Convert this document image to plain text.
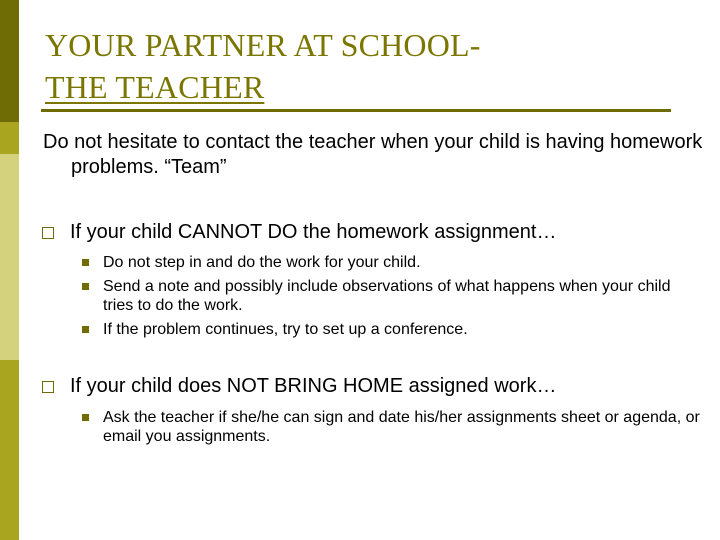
YOUR PARTNER AT SCHOOL-
THE TEACHER

Do not hesitate to contact the teacher when your child is having homework problems. “Team”

If your child CANNOT DO the homework assignment…
Do not step in and do the work for your child.
Send a note and possibly include observations of what happens when your child tries to do the work.
If the problem continues, try to set up a conference.
If your child does NOT BRING HOME assigned work…
Ask the teacher if she/he can sign and date his/her assignments sheet or agenda, or email you assignments.
